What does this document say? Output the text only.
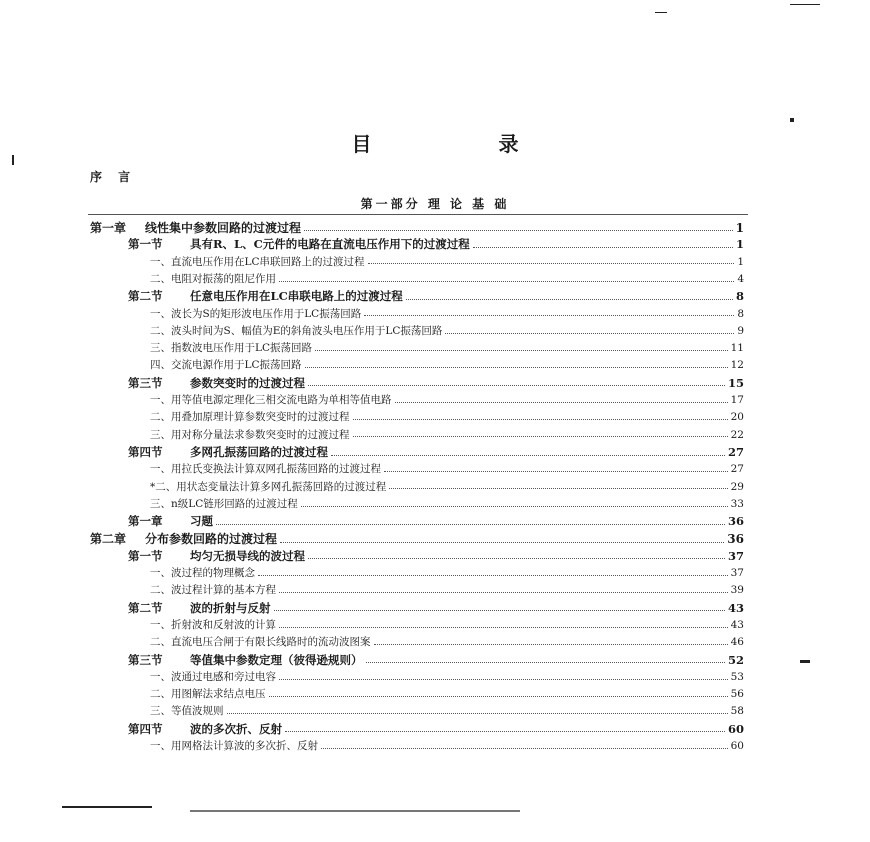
目 录
序 言
第一部分 理 论 基 础
第一章 线性集中参数回路的过渡过程	1
第一节 具有R、L、C元件的电路在直流电压作用下的过渡过程	1
一、直流电压作用在LC串联回路上的过渡过程	1
二、电阻对振荡的阻尼作用	4
第二节 任意电压作用在LC串联电路上的过渡过程	8
一、波长为S的矩形波电压作用于LC振荡回路	8
二、波头时间为S、幅值为E的斜角波头电压作用于LC振荡回路	9
三、指数波电压作用于LC振荡回路	11
四、交流电源作用于LC振荡回路	12
第三节 参数突变时的过渡过程	15
一、用等值电源定理化三相交流电路为单相等值电路	17
二、用叠加原理计算参数突变时的过渡过程	20
三、用对称分量法求参数突变时的过渡过程	22
第四节 多网孔振荡回路的过渡过程	27
一、用拉氏变换法计算双网孔振荡回路的过渡过程	27
*二、用状态变量法计算多网孔振荡回路的过渡过程	29
三、n级LC链形回路的过渡过程	33
第一章 习题	36
第二章 分布参数回路的过渡过程	36
第一节 均匀无损导线的波过程	37
一、波过程的物理概念	37
二、波过程计算的基本方程	39
第二节 波的折射与反射	43
一、折射波和反射波的计算	43
二、直流电压合闸于有限长线路时的流动波图案	46
第三节 等值集中参数定理（彼得逊规则）	52
一、波通过电感和旁过电容	53
二、用图解法求结点电压	56
三、等值波规则	58
第四节 波的多次折、反射	60
一、用网格法计算波的多次折、反射	60
